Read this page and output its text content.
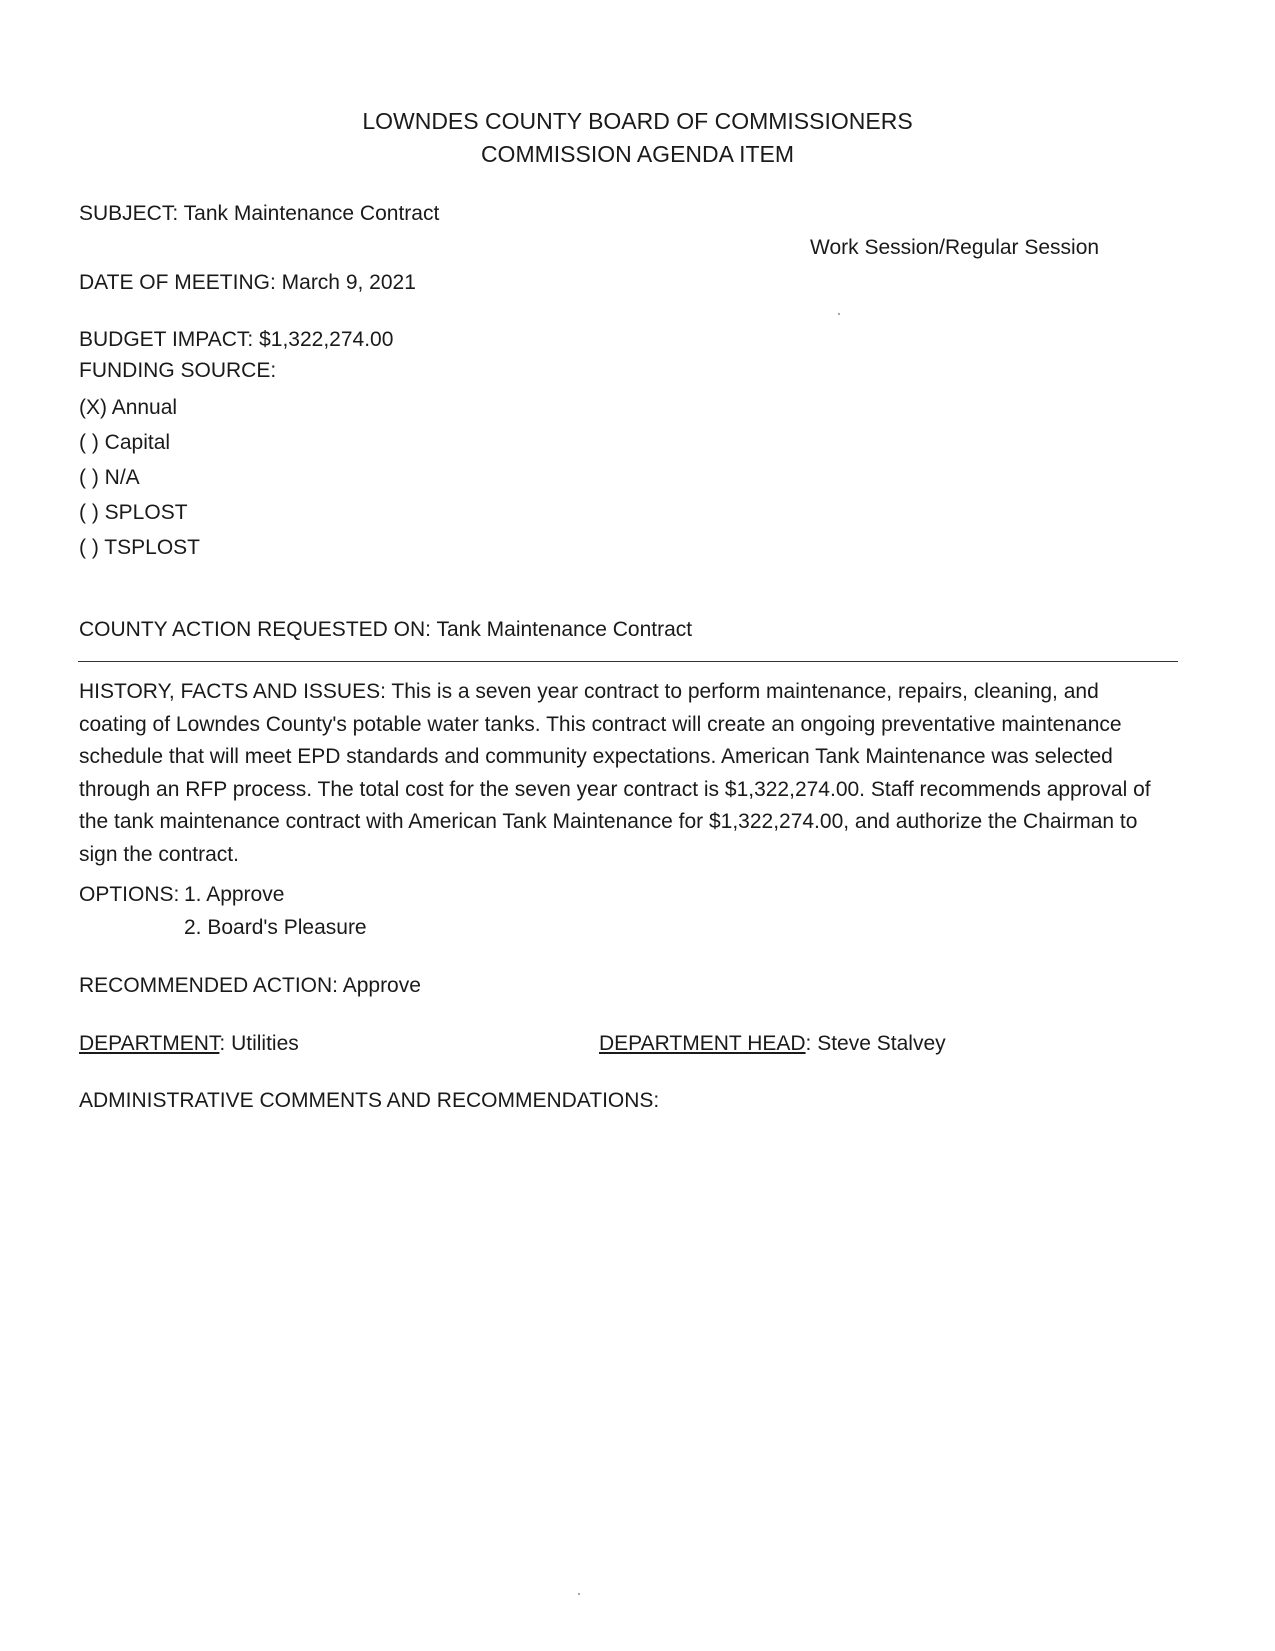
LOWNDES COUNTY BOARD OF COMMISSIONERS
COMMISSION AGENDA ITEM
SUBJECT: Tank Maintenance Contract
Work Session/Regular Session
DATE OF MEETING: March 9, 2021
BUDGET IMPACT: $1,322,274.00
FUNDING SOURCE:
(X) Annual
( ) Capital
( ) N/A
( ) SPLOST
( ) TSPLOST
COUNTY ACTION REQUESTED ON: Tank Maintenance Contract
HISTORY, FACTS AND ISSUES: This is a seven year contract to perform maintenance, repairs, cleaning, and coating of Lowndes County's potable water tanks. This contract will create an ongoing preventative maintenance schedule that will meet EPD standards and community expectations. American Tank Maintenance was selected through an RFP process. The total cost for the seven year contract is $1,322,274.00. Staff recommends approval of the tank maintenance contract with American Tank Maintenance for $1,322,274.00, and authorize the Chairman to sign the contract.
OPTIONS: 1. Approve
2. Board's Pleasure
RECOMMENDED ACTION: Approve
DEPARTMENT: Utilities	DEPARTMENT HEAD: Steve Stalvey
ADMINISTRATIVE COMMENTS AND RECOMMENDATIONS:
